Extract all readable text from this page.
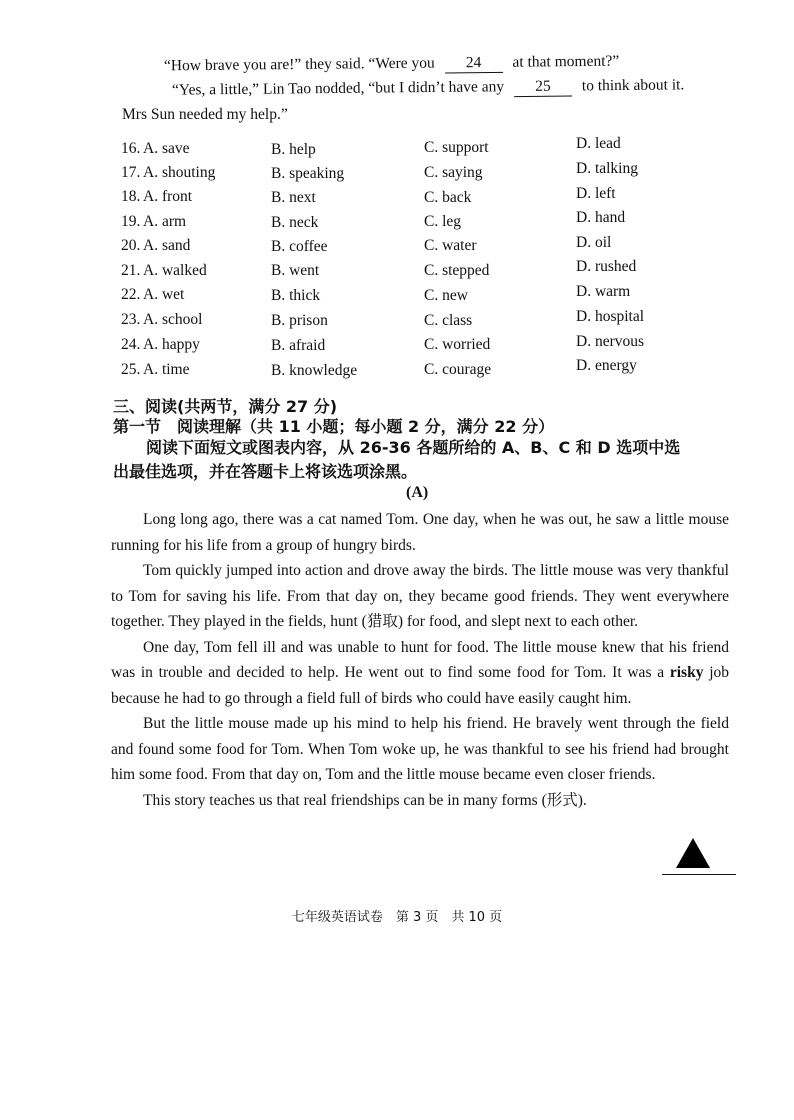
“How brave you are!” they said. “Were you 24 at that moment?”
“Yes, a little,” Lin Tao nodded, “but I didn’t have any 25 to think about it.
Mrs Sun needed my help.”
16. A. save	B. help	C. support	D. lead
17. A. shouting	B. speaking	C. saying	D. talking
18. A. front	B. next	C. back	D. left
19. A. arm	B. neck	C. leg	D. hand
20. A. sand	B. coffee	C. water	D. oil
21. A. walked	B. went	C. stepped	D. rushed
22. A. wet	B. thick	C. new	D. warm
23. A. school	B. prison	C. class	D. hospital
24. A. happy	B. afraid	C. worried	D. nervous
25. A. time	B. knowledge	C. courage	D. energy
三、阅读(共两节，满分 27 分)
第一节　阅读理解（共 11 小题；每小题 2 分，满分 22 分）
阅读下面短文或图表内容，从 26-36 各题所给的 A、B、C 和 D 选项中选
出最佳选项，并在答题卡上将该选项涂黑。
(A)

Long long ago, there was a cat named Tom. One day, when he was out, he saw a little mouse running for his life from a group of hungry birds.

Tom quickly jumped into action and drove away the birds. The little mouse was very thankful to Tom for saving his life. From that day on, they became good friends. They went everywhere together. They played in the fields, hunt (猎取) for food, and slept next to each other.

One day, Tom fell ill and was unable to hunt for food. The little mouse knew that his friend was in trouble and decided to help. He went out to find some food for Tom. It was a risky job because he had to go through a field full of birds who could have easily caught him.

But the little mouse made up his mind to help his friend. He bravely went through the field and found some food for Tom. When Tom woke up, he was thankful to see his friend had brought him some food. From that day on, Tom and the little mouse became even closer friends.

This story teaches us that real friendships can be in many forms (形式).

七年级英语试卷　第 3 页　共 10 页
